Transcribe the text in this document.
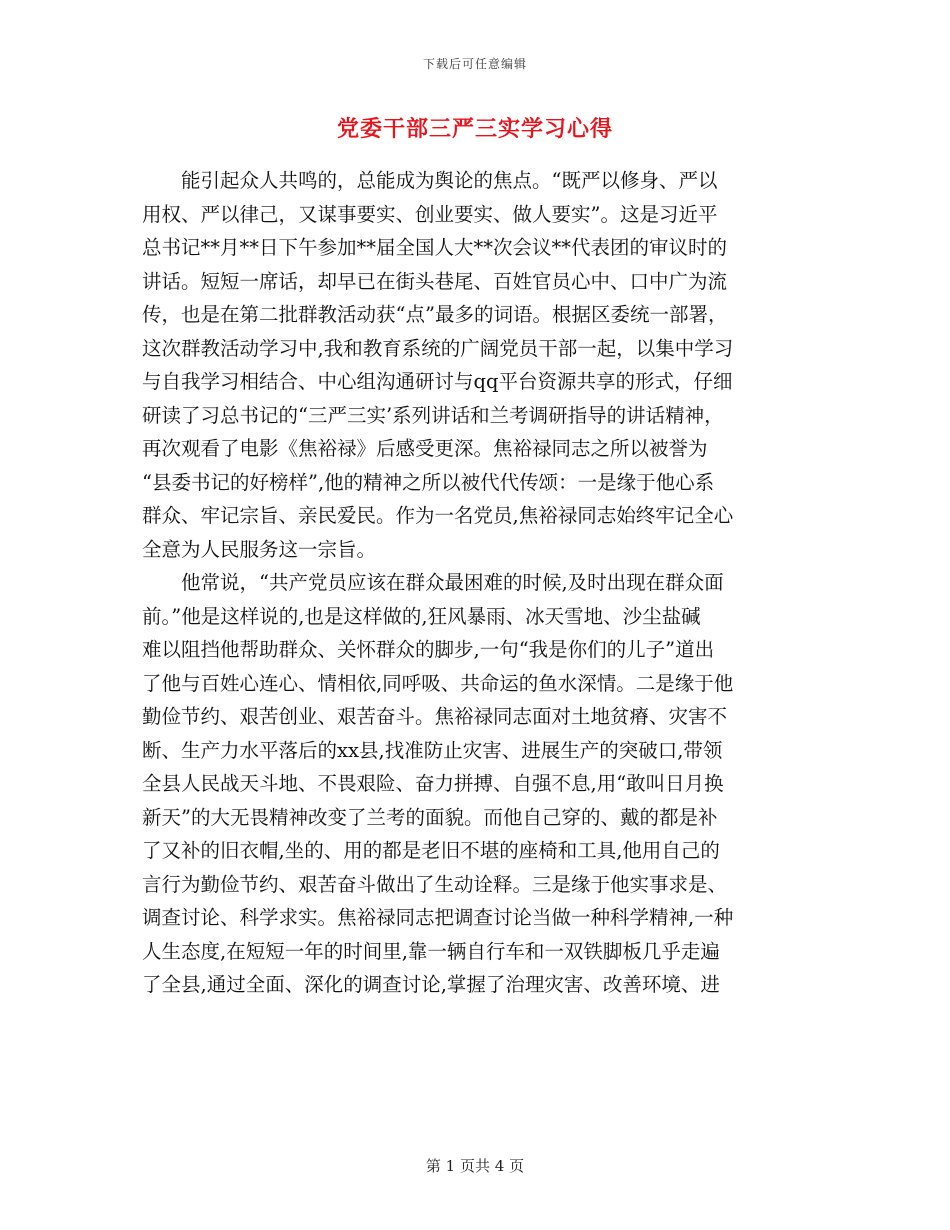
下载后可任意编辑
党委干部三严三实学习心得
　　能引起众人共鸣的，总能成为舆论的焦点。“既严以修身、严以
用权、严以律己，又谋事要实、创业要实、做人要实”。这是习近平
总书记**月**日下午参加**届全国人大**次会议**代表团的审议时的
讲话。短短一席话，却早已在街头巷尾、百姓官员心中、口中广为流
传，也是在第二批群教活动获“点”最多的词语。根据区委统一部署，
这次群教活动学习中,我和教育系统的广阔党员干部一起，以集中学习
与自我学习相结合、中心组沟通研讨与qq平台资源共享的形式，仔细
研读了习总书记的“三严三实’系列讲话和兰考调研指导的讲话精神，
再次观看了电影《焦裕禄》后感受更深。焦裕禄同志之所以被誉为
“县委书记的好榜样”,他的精神之所以被代代传颂：一是缘于他心系
群众、牢记宗旨、亲民爱民。作为一名党员,焦裕禄同志始终牢记全心
全意为人民服务这一宗旨。
　　他常说，“共产党员应该在群众最困难的时候,及时出现在群众面
前。”他是这样说的,也是这样做的,狂风暴雨、冰天雪地、沙尘盐碱
难以阻挡他帮助群众、关怀群众的脚步,一句“我是你们的儿子”道出
了他与百姓心连心、情相依,同呼吸、共命运的鱼水深情。二是缘于他
勤俭节约、艰苦创业、艰苦奋斗。焦裕禄同志面对土地贫瘠、灾害不
断、生产力水平落后的xx县,找准防止灾害、进展生产的突破口,带领
全县人民战天斗地、不畏艰险、奋力拼搏、自强不息,用“敢叫日月换
新天”的大无畏精神改变了兰考的面貌。而他自己穿的、戴的都是补
了又补的旧衣帽,坐的、用的都是老旧不堪的座椅和工具,他用自己的
言行为勤俭节约、艰苦奋斗做出了生动诠释。三是缘于他实事求是、
调查讨论、科学求实。焦裕禄同志把调查讨论当做一种科学精神,一种
人生态度,在短短一年的时间里,靠一辆自行车和一双铁脚板几乎走遍
了全县,通过全面、深化的调查讨论,掌握了治理灾害、改善环境、进
第 1 页共 4 页
